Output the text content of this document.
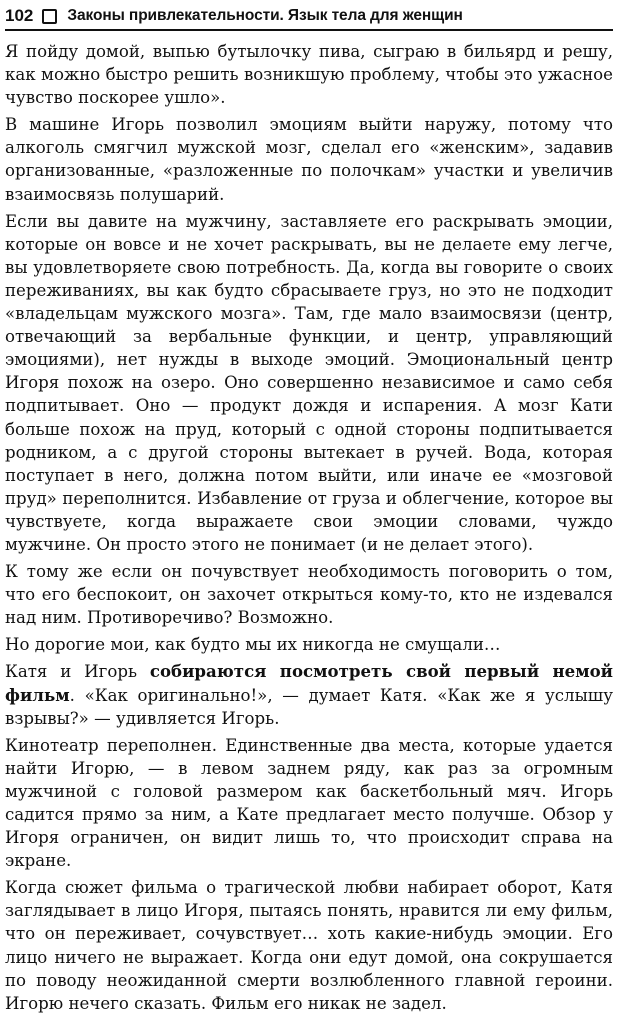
102 Законы привлекательности. Язык тела для женщин

Я пойду домой, выпью бутылочку пива, сыграю в бильярд и решу, как можно быстро решить возникшую проблему, чтобы это ужасное чувство поскорее ушло».

В машине Игорь позволил эмоциям выйти наружу, потому что алкоголь смягчил мужской мозг, сделал его «женским», задавив организованные, «разложенные по полочкам» участки и увеличив взаимосвязь полушарий.

Если вы давите на мужчину, заставляете его раскрывать эмоции, которые он вовсе и не хочет раскрывать, вы не делаете ему легче, вы удовлетворяете свою потребность. Да, когда вы говорите о своих переживаниях, вы как будто сбрасываете груз, но это не подходит «владельцам мужского мозга». Там, где мало взаимосвязи (центр, отвечающий за вербальные функции, и центр, управляющий эмоциями), нет нужды в выходе эмоций. Эмоциональный центр Игоря похож на озеро. Оно совершенно независимое и само себя подпитывает. Оно — продукт дождя и испарения. А мозг Кати больше похож на пруд, который с одной стороны подпитывается родником, а с другой стороны вытекает в ручей. Вода, которая поступает в него, должна потом выйти, или иначе ее «мозговой пруд» переполнится. Избавление от груза и облегчение, которое вы чувствуете, когда выражаете свои эмоции словами, чуждо мужчине. Он просто этого не понимает (и не делает этого).

К тому же если он почувствует необходимость поговорить о том, что его беспокоит, он захочет открыться кому-то, кто не издевался над ним. Противоречиво? Возможно.

Но дорогие мои, как будто мы их никогда не смущали…

Катя и Игорь собираются посмотреть свой первый немой фильм. «Как оригинально!», — думает Катя. «Как же я услышу взрывы?» — удивляется Игорь.

Кинотеатр переполнен. Единственные два места, которые удается найти Игорю, — в левом заднем ряду, как раз за огромным мужчиной с головой размером как баскетбольный мяч. Игорь садится прямо за ним, а Кате предлагает место получше. Обзор у Игоря ограничен, он видит лишь то, что происходит справа на экране.

Когда сюжет фильма о трагической любви набирает оборот, Катя заглядывает в лицо Игоря, пытаясь понять, нравится ли ему фильм, что он переживает, сочувствует… хоть какие-нибудь эмоции. Его лицо ничего не выражает. Когда они едут домой, она сокрушается по поводу неожиданной смерти возлюбленного главной героини. Игорю нечего сказать. Фильм его никак не задел.
